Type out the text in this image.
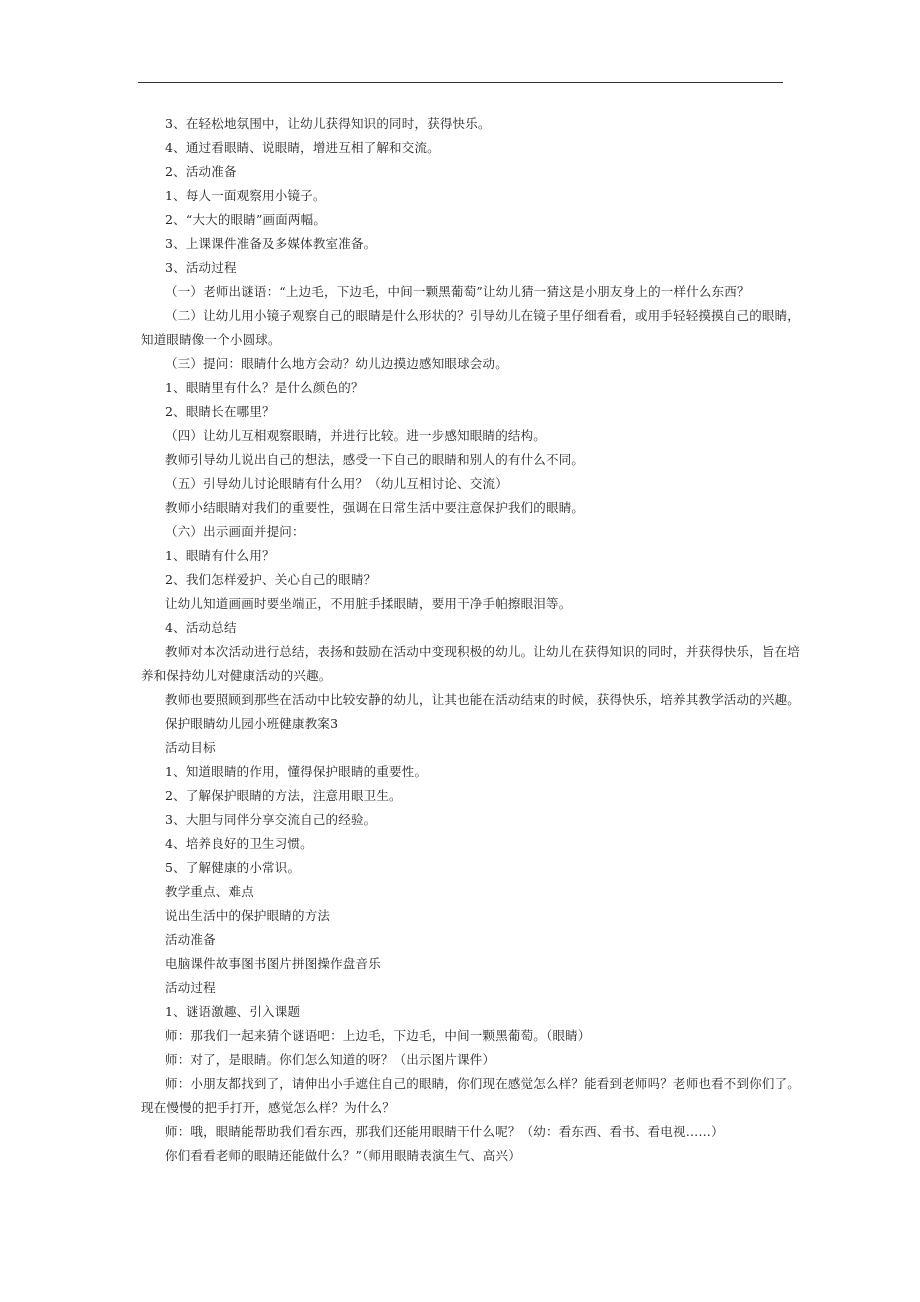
3、在轻松地氛围中，让幼儿获得知识的同时，获得快乐。
4、通过看眼睛、说眼睛，增进互相了解和交流。
2、活动准备
1、每人一面观察用小镜子。
2、“大大的眼睛”画面两幅。
3、上课课件准备及多媒体教室准备。
3、活动过程
（一）老师出谜语：“上边毛，下边毛，中间一颗黑葡萄”让幼儿猜一猜这是小朋友身上的一样什么东西？
（二）让幼儿用小镜子观察自己的眼睛是什么形状的？引导幼儿在镜子里仔细看看，或用手轻轻摸摸自己的眼睛，
知道眼睛像一个小圆球。
（三）提问：眼睛什么地方会动？幼儿边摸边感知眼球会动。
1、眼睛里有什么？是什么颜色的？
2、眼睛长在哪里？
（四）让幼儿互相观察眼睛，并进行比较。进一步感知眼睛的结构。
教师引导幼儿说出自己的想法，感受一下自己的眼睛和别人的有什么不同。
（五）引导幼儿讨论眼睛有什么用？（幼儿互相讨论、交流）
教师小结眼睛对我们的重要性，强调在日常生活中要注意保护我们的眼睛。
（六）出示画面并提问：
1、眼睛有什么用？
2、我们怎样爱护、关心自己的眼睛？
让幼儿知道画画时要坐端正，不用脏手揉眼睛，要用干净手帕擦眼泪等。
4、活动总结
教师对本次活动进行总结，表扬和鼓励在活动中变现积极的幼儿。让幼儿在获得知识的同时，并获得快乐，旨在培
养和保持幼儿对健康活动的兴趣。
教师也要照顾到那些在活动中比较安静的幼儿，让其也能在活动结束的时候，获得快乐，培养其教学活动的兴趣。
保护眼睛幼儿园小班健康教案3
活动目标
1、知道眼睛的作用，懂得保护眼睛的重要性。
2、了解保护眼睛的方法，注意用眼卫生。
3、大胆与同伴分享交流自己的经验。
4、培养良好的卫生习惯。
5、了解健康的小常识。
教学重点、难点
说出生活中的保护眼睛的方法
活动准备
电脑课件故事图书图片拼图操作盘音乐
活动过程
1、谜语激趣、引入课题
师：那我们一起来猜个谜语吧：上边毛，下边毛，中间一颗黑葡萄。（眼睛）
师：对了，是眼睛。你们怎么知道的呀？（出示图片课件）
师：小朋友都找到了，请伸出小手遮住自己的眼睛，你们现在感觉怎么样？能看到老师吗？老师也看不到你们了。
现在慢慢的把手打开，感觉怎么样？为什么？
师：哦，眼睛能帮助我们看东西，那我们还能用眼睛干什么呢？（幼：看东西、看书、看电视……）
你们看看老师的眼睛还能做什么？”（师用眼睛表演生气、高兴）
